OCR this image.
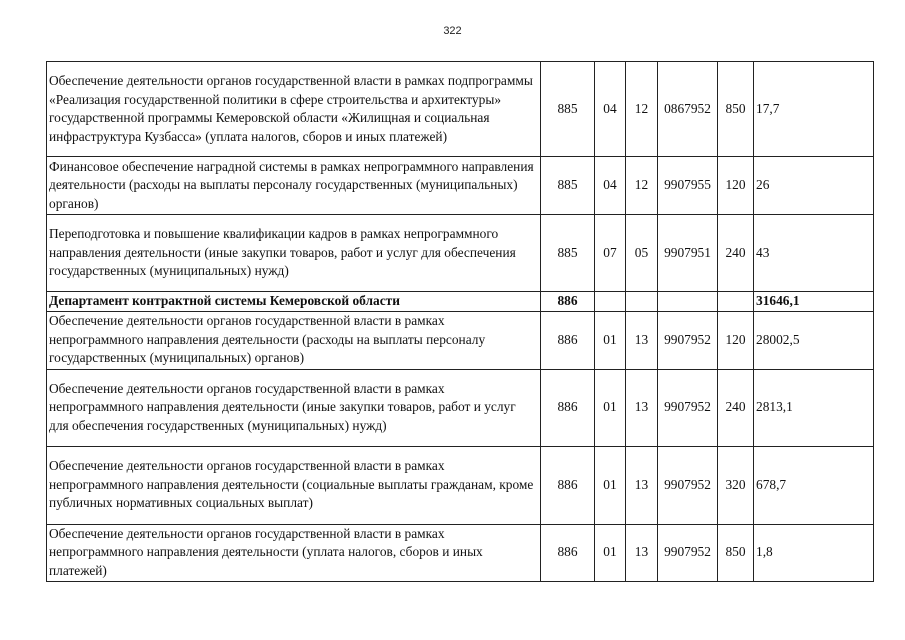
322
Обеспечение деятельности органов государственной власти в рамках подпрограммы «Реализация государственной политики в сфере строительства и архитектуры» государственной программы Кемеровской области «Жилищная и социальная инфраструктура Кузбасса» (уплата налогов, сборов и иных платежей)	885	04	12	0867952	850	17,7
Финансовое обеспечение наградной системы в рамках непрограммного направления деятельности (расходы на выплаты персоналу государственных (муниципальных) органов)	885	04	12	9907955	120	26
Переподготовка и повышение квалификации кадров в рамках непрограммного направления деятельности (иные закупки товаров, работ и услуг для обеспечения государственных (муниципальных) нужд)	885	07	05	9907951	240	43
Департамент контрактной системы Кемеровской области	886					31646,1
Обеспечение деятельности органов государственной власти в рамках непрограммного направления деятельности (расходы на выплаты персоналу государственных (муниципальных) органов)	886	01	13	9907952	120	28002,5
Обеспечение деятельности органов государственной власти в рамках непрограммного направления деятельности (иные закупки товаров, работ и услуг для обеспечения государственных (муниципальных) нужд)	886	01	13	9907952	240	2813,1
Обеспечение деятельности органов государственной власти в рамках непрограммного направления деятельности (социальные выплаты гражданам, кроме публичных нормативных социальных выплат)	886	01	13	9907952	320	678,7
Обеспечение деятельности органов государственной власти в рамках непрограммного направления деятельности (уплата налогов, сборов и иных платежей)	886	01	13	9907952	850	1,8
